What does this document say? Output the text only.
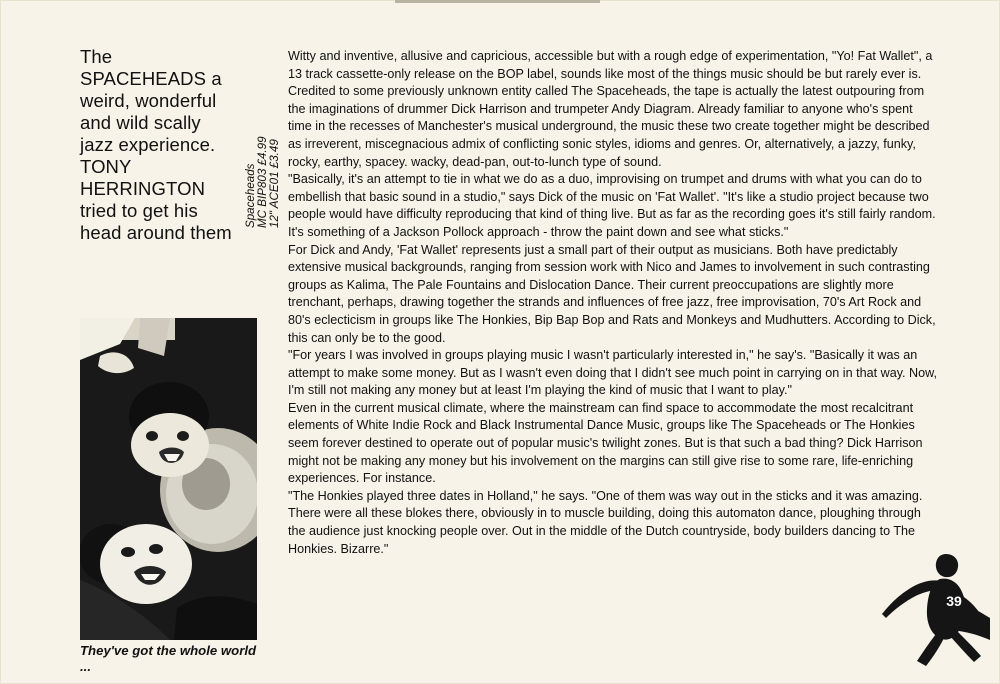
The
SPACEHEADS a
weird, wonderful
and wild scally
jazz experience.
TONY
HERRINGTON
tried to get his
head around them
Spaceheads MC BIP803 £4.99 12" ACE01 £3.49
They've got the whole world ...

Witty and inventive, allusive and capricious, accessible but with a rough edge of experimentation, "Yo! Fat Wallet", a 13 track cassette-only release on the BOP label, sounds like most of the things music should be but rarely ever is.

Credited to some previously unknown entity called The Spaceheads, the tape is actually the latest outpouring from the imaginations of drummer Dick Harrison and trumpeter Andy Diagram. Already familiar to anyone who's spent time in the recesses of Manchester's musical underground, the music these two create together might be described as irreverent, miscegnacious admix of conflicting sonic styles, idioms and genres. Or, alternatively, a jazzy, funky, rocky, earthy, spacey. wacky, dead-pan, out-to-lunch type of sound.

"Basically, it's an attempt to tie in what we do as a duo, improvising on trumpet and drums with what you can do to embellish that basic sound in a studio," says Dick of the music on 'Fat Wallet'. "It's like a studio project because two people would have difficulty reproducing that kind of thing live. But as far as the recording goes it's still fairly random. It's something of a Jackson Pollock approach - throw the paint down and see what sticks."

For Dick and Andy, 'Fat Wallet' represents just a small part of their output as musicians. Both have predictably extensive musical backgrounds, ranging from session work with Nico and James to involvement in such contrasting groups as Kalima, The Pale Fountains and Dislocation Dance. Their current preoccupations are slightly more trenchant, perhaps, drawing together the strands and influences of free jazz, free improvisation, 70's Art Rock and 80's eclecticism in groups like The Honkies, Bip Bap Bop and Rats and Monkeys and Mudhutters. According to Dick, this can only be to the good.

"For years I was involved in groups playing music I wasn't particularly interested in," he say's. "Basically it was an attempt to make some money. But as I wasn't even doing that I didn't see much point in carrying on in that way. Now, I'm still not making any money but at least I'm playing the kind of music that I want to play."

Even in the current musical climate, where the mainstream can find space to accommodate the most recalcitrant elements of White Indie Rock and Black Instrumental Dance Music, groups like The Spaceheads or The Honkies seem forever destined to operate out of popular music's twilight zones. But is that such a bad thing? Dick Harrison might not be making any money but his involvement on the margins can still give rise to some rare, life-enriching experiences. For instance.

"The Honkies played three dates in Holland," he says. "One of them was way out in the sticks and it was amazing. There were all these blokes there, obviously in to muscle building, doing this automaton dance, ploughing through the audience just knocking people over. Out in the middle of the Dutch countryside, body builders dancing to The Honkies. Bizarre."

39
